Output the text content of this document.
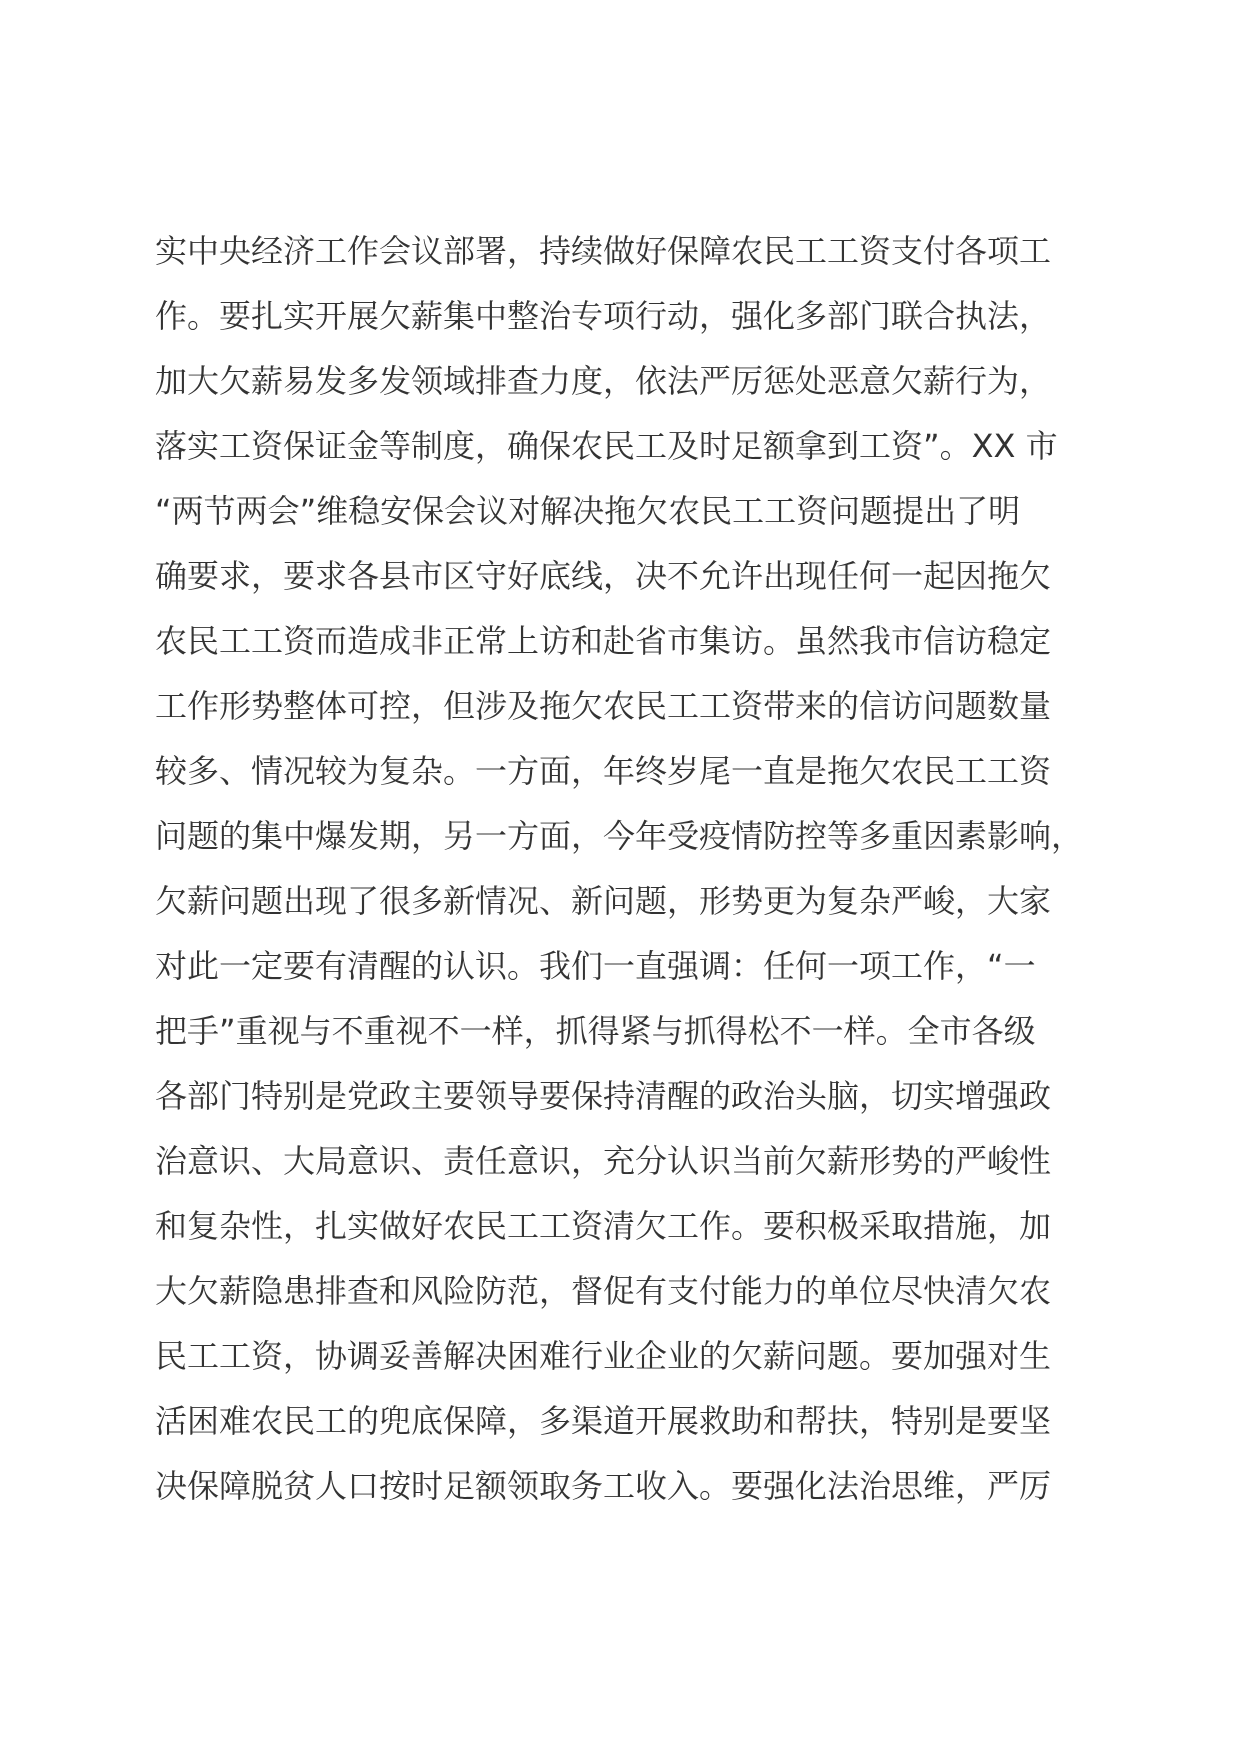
实中央经济工作会议部署，持续做好保障农民工工资支付各项工
作。要扎实开展欠薪集中整治专项行动，强化多部门联合执法，
加大欠薪易发多发领域排查力度，依法严厉惩处恶意欠薪行为，
落实工资保证金等制度，确保农民工及时足额拿到工资”。XX 市
“两节两会”维稳安保会议对解决拖欠农民工工资问题提出了明
确要求，要求各县市区守好底线，决不允许出现任何一起因拖欠
农民工工资而造成非正常上访和赴省市集访。虽然我市信访稳定
工作形势整体可控，但涉及拖欠农民工工资带来的信访问题数量
较多、情况较为复杂。一方面，年终岁尾一直是拖欠农民工工资
问题的集中爆发期，另一方面，今年受疫情防控等多重因素影响，
欠薪问题出现了很多新情况、新问题，形势更为复杂严峻，大家
对此一定要有清醒的认识。我们一直强调：任何一项工作，“一
把手”重视与不重视不一样，抓得紧与抓得松不一样。全市各级
各部门特别是党政主要领导要保持清醒的政治头脑，切实增强政
治意识、大局意识、责任意识，充分认识当前欠薪形势的严峻性
和复杂性，扎实做好农民工工资清欠工作。要积极采取措施，加
大欠薪隐患排查和风险防范，督促有支付能力的单位尽快清欠农
民工工资，协调妥善解决困难行业企业的欠薪问题。要加强对生
活困难农民工的兜底保障，多渠道开展救助和帮扶，特别是要坚
决保障脱贫人口按时足额领取务工收入。要强化法治思维，严厉
